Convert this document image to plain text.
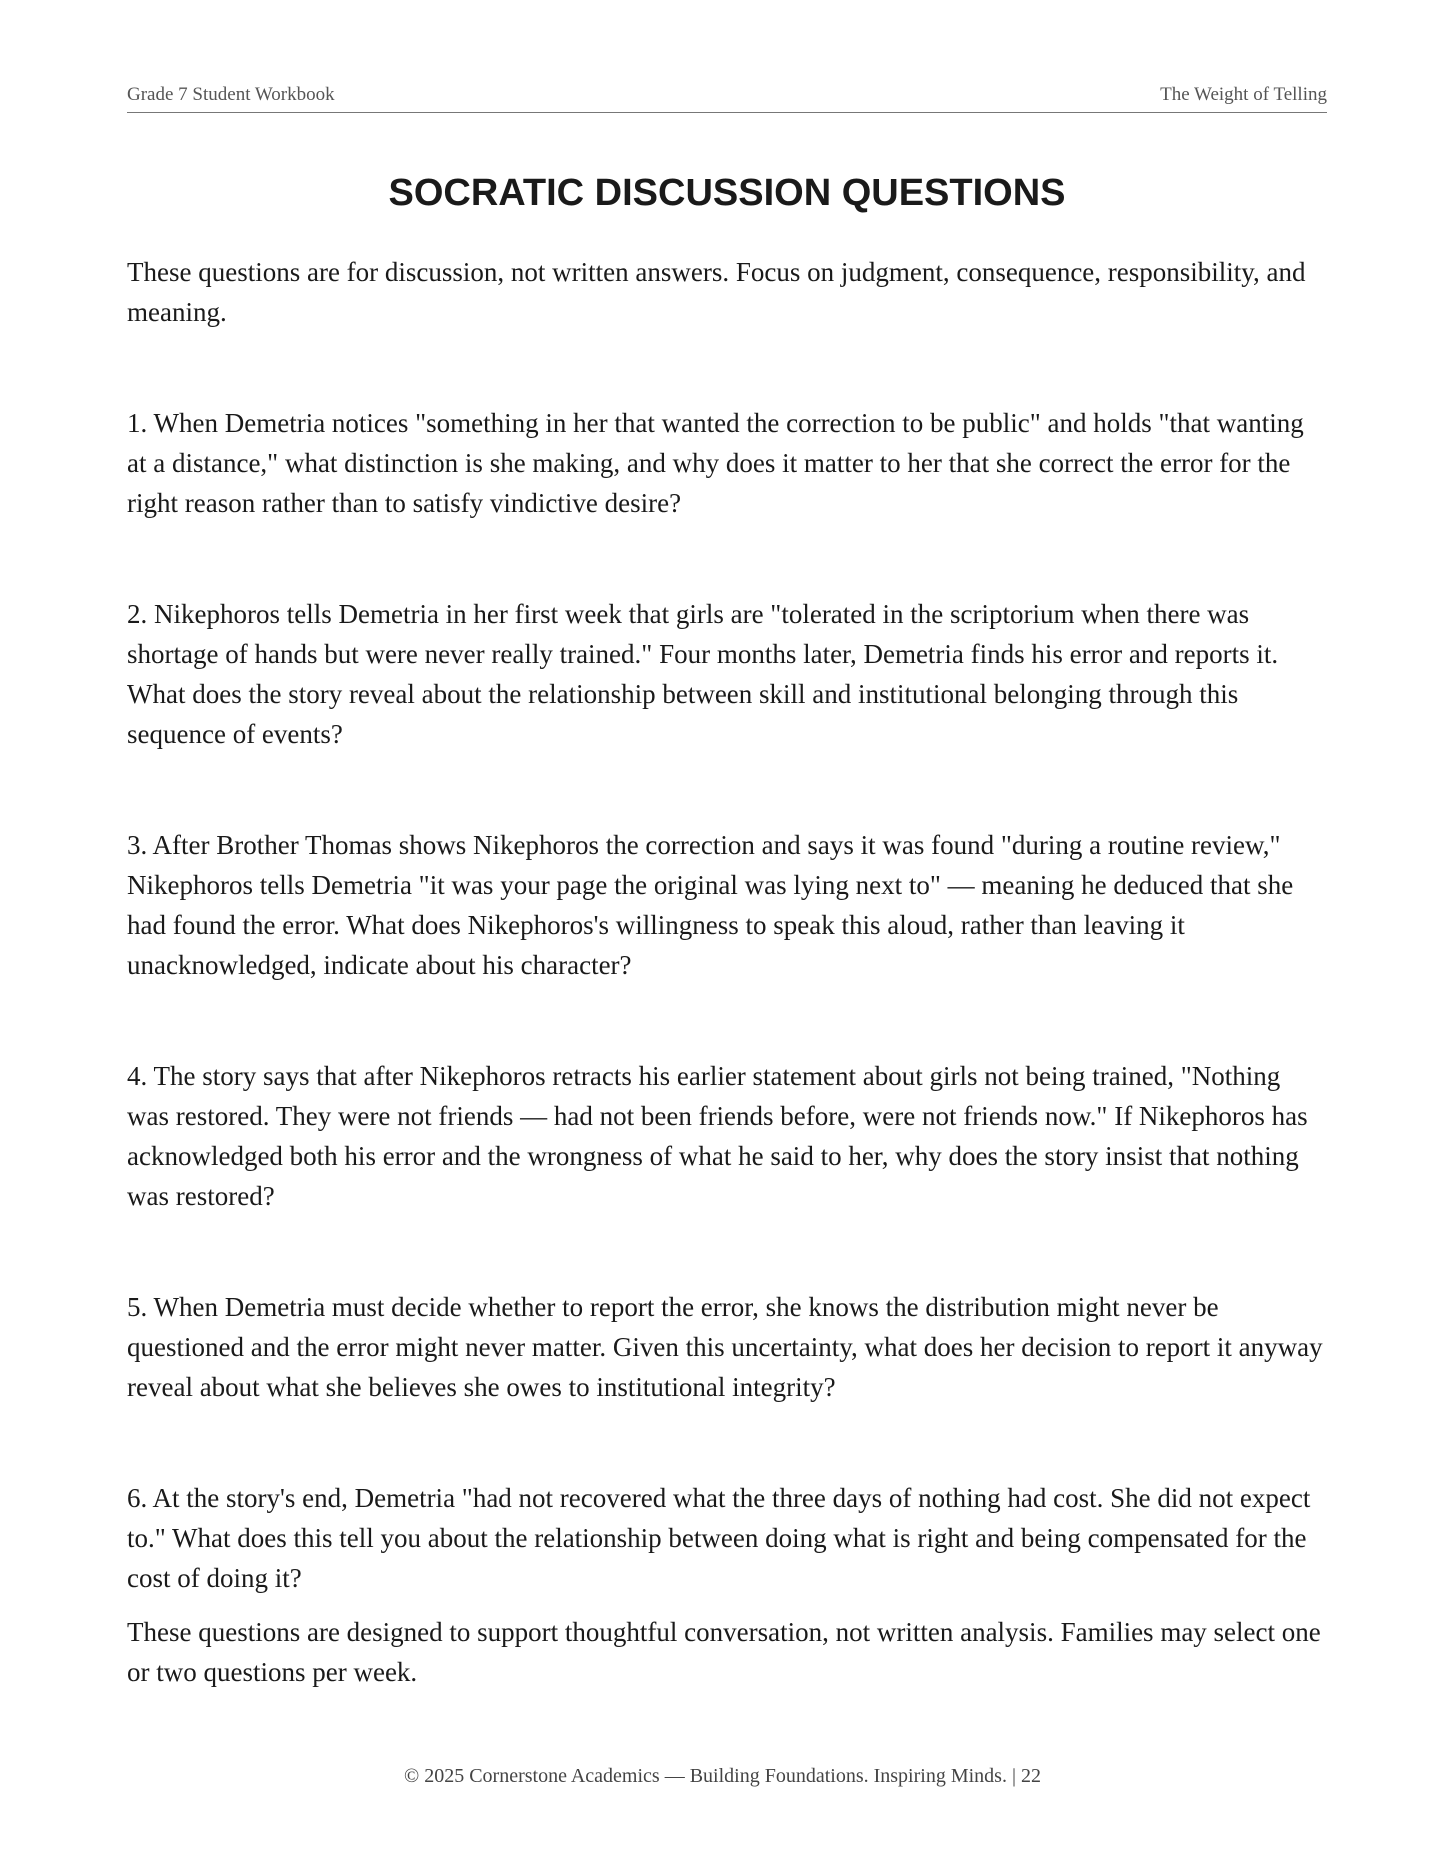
Grade 7 Student Workbook	The Weight of Telling
SOCRATIC DISCUSSION QUESTIONS

These questions are for discussion, not written answers. Focus on judgment, consequence, responsibility, and meaning.

1. When Demetria notices "something in her that wanted the correction to be public" and holds "that wanting at a distance," what distinction is she making, and why does it matter to her that she correct the error for the right reason rather than to satisfy vindictive desire?

2. Nikephoros tells Demetria in her first week that girls are "tolerated in the scriptorium when there was shortage of hands but were never really trained." Four months later, Demetria finds his error and reports it. What does the story reveal about the relationship between skill and institutional belonging through this sequence of events?

3. After Brother Thomas shows Nikephoros the correction and says it was found "during a routine review," Nikephoros tells Demetria "it was your page the original was lying next to" — meaning he deduced that she had found the error. What does Nikephoros's willingness to speak this aloud, rather than leaving it unacknowledged, indicate about his character?

4. The story says that after Nikephoros retracts his earlier statement about girls not being trained, "Nothing was restored. They were not friends — had not been friends before, were not friends now." If Nikephoros has acknowledged both his error and the wrongness of what he said to her, why does the story insist that nothing was restored?

5. When Demetria must decide whether to report the error, she knows the distribution might never be questioned and the error might never matter. Given this uncertainty, what does her decision to report it anyway reveal about what she believes she owes to institutional integrity?

6. At the story's end, Demetria "had not recovered what the three days of nothing had cost. She did not expect to." What does this tell you about the relationship between doing what is right and being compensated for the cost of doing it?

These questions are designed to support thoughtful conversation, not written analysis. Families may select one or two questions per week.

© 2025 Cornerstone Academics — Building Foundations. Inspiring Minds. | 22
